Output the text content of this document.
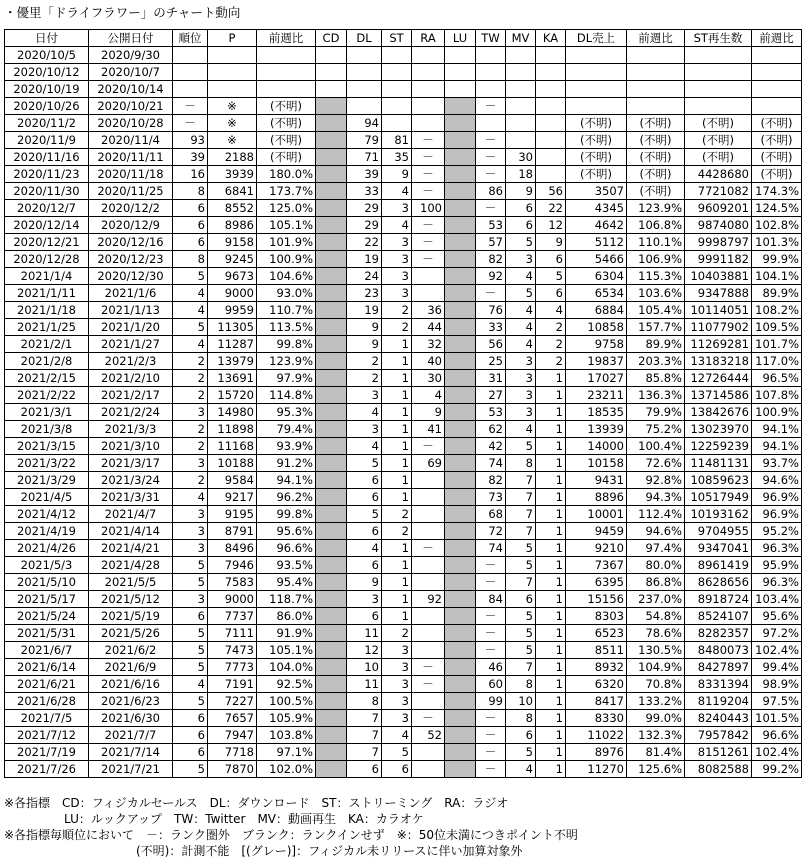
・優里「ドライフラワー」のチャート動向
日付	公開日付	順位	P	前週比	CD	DL	ST	RA	LU	TW	MV	KA	DL売上	前週比	ST再生数	前週比
2020/10/5	2020/9/30															
2020/10/12	2020/10/7															
2020/10/19	2020/10/14															
2020/10/26	2020/10/21	－	※	(不明)						－						
2020/11/2	2020/10/28	－	※	(不明)		94							(不明)	(不明)	(不明)	(不明)
2020/11/9	2020/11/4	93	※	(不明)		79	81	－		－			(不明)	(不明)	(不明)	(不明)
2020/11/16	2020/11/11	39	2188	(不明)		71	35	－		－	30		(不明)	(不明)	(不明)	(不明)
2020/11/23	2020/11/18	16	3939	180.0%		39	9	－		－	18		(不明)	(不明)	4428680	(不明)
2020/11/30	2020/11/25	8	6841	173.7%		33	4	－		86	9	56	3507	(不明)	7721082	174.3%
2020/12/7	2020/12/2	6	8552	125.0%		29	3	100		－	6	22	4345	123.9%	9609201	124.5%
2020/12/14	2020/12/9	6	8986	105.1%		29	4	－		53	6	12	4642	106.8%	9874080	102.8%
2020/12/21	2020/12/16	6	9158	101.9%		22	3	－		57	5	9	5112	110.1%	9998797	101.3%
2020/12/28	2020/12/23	8	9245	100.9%		19	3	－		82	3	6	5466	106.9%	9991182	99.9%
2021/1/4	2020/12/30	5	9673	104.6%		24	3			92	4	5	6304	115.3%	10403881	104.1%
2021/1/11	2021/1/6	4	9000	93.0%		23	3			－	5	6	6534	103.6%	9347888	89.9%
2021/1/18	2021/1/13	4	9959	110.7%		19	2	36		76	4	4	6884	105.4%	10114051	108.2%
2021/1/25	2021/1/20	5	11305	113.5%		9	2	44		33	4	2	10858	157.7%	11077902	109.5%
2021/2/1	2021/1/27	4	11287	99.8%		9	1	32		56	4	2	9758	89.9%	11269281	101.7%
2021/2/8	2021/2/3	2	13979	123.9%		2	1	40		25	3	2	19837	203.3%	13183218	117.0%
2021/2/15	2021/2/10	2	13691	97.9%		2	1	30		31	3	1	17027	85.8%	12726444	96.5%
2021/2/22	2021/2/17	2	15720	114.8%		3	1	4		27	3	1	23211	136.3%	13714586	107.8%
2021/3/1	2021/2/24	3	14980	95.3%		4	1	9		53	3	1	18535	79.9%	13842676	100.9%
2021/3/8	2021/3/3	2	11898	79.4%		3	1	41		62	4	1	13939	75.2%	13023970	94.1%
2021/3/15	2021/3/10	2	11168	93.9%		4	1	－		42	5	1	14000	100.4%	12259239	94.1%
2021/3/22	2021/3/17	3	10188	91.2%		5	1	69		74	8	1	10158	72.6%	11481131	93.7%
2021/3/29	2021/3/24	2	9584	94.1%		6	1			82	7	1	9431	92.8%	10859623	94.6%
2021/4/5	2021/3/31	4	9217	96.2%		6	1			73	7	1	8896	94.3%	10517949	96.9%
2021/4/12	2021/4/7	3	9195	99.8%		5	2			68	7	1	10001	112.4%	10193162	96.9%
2021/4/19	2021/4/14	3	8791	95.6%		6	2			72	7	1	9459	94.6%	9704955	95.2%
2021/4/26	2021/4/21	3	8496	96.6%		4	1	－		74	5	1	9210	97.4%	9347041	96.3%
2021/5/3	2021/4/28	5	7946	93.5%		6	1			－	5	1	7367	80.0%	8961419	95.9%
2021/5/10	2021/5/5	5	7583	95.4%		9	1			－	7	1	6395	86.8%	8628656	96.3%
2021/5/17	2021/5/12	3	9000	118.7%		3	1	92		84	6	1	15156	237.0%	8918724	103.4%
2021/5/24	2021/5/19	6	7737	86.0%		6	1			－	5	1	8303	54.8%	8524107	95.6%
2021/5/31	2021/5/26	5	7111	91.9%		11	2			－	5	1	6523	78.6%	8282357	97.2%
2021/6/7	2021/6/2	5	7473	105.1%		12	3			－	5	1	8511	130.5%	8480073	102.4%
2021/6/14	2021/6/9	5	7773	104.0%		10	3	－		46	7	1	8932	104.9%	8427897	99.4%
2021/6/21	2021/6/16	4	7191	92.5%		11	3	－		60	8	1	6320	70.8%	8331394	98.9%
2021/6/28	2021/6/23	5	7227	100.5%		8	3			99	10	1	8417	133.2%	8119204	97.5%
2021/7/5	2021/6/30	6	7657	105.9%		7	3	－		－	8	1	8330	99.0%	8240443	101.5%
2021/7/12	2021/7/7	6	7947	103.8%		7	4	52		－	6	1	11022	132.3%	7957842	96.6%
2021/7/19	2021/7/14	6	7718	97.1%		7	5			－	5	1	8976	81.4%	8151261	102.4%
2021/7/26	2021/7/21	5	7870	102.0%		6	6			－	4	1	11270	125.6%	8082588	99.2%
※各指標　CD：フィジカルセールス　DL：ダウンロード　ST：ストリーミング　RA：ラジオ
　　　　　LU：ルックアップ　TW：Twitter　MV：動画再生　KA：カラオケ
※各指標毎順位において　－：ランク圏外　ブランク：ランクインせず　※：50位未満につきポイント不明
　　　　　　　　　　　(不明)：計測不能　[(グレー)]：フィジカル未リリースに伴い加算対象外
